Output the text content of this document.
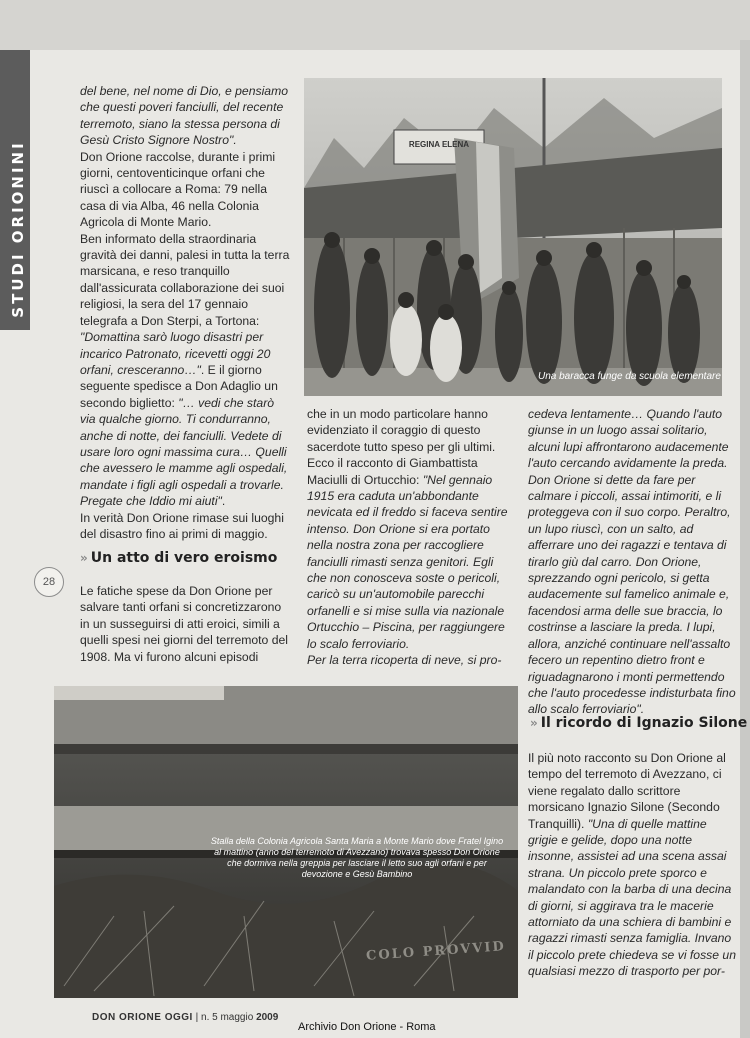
STUDI ORIONINI
28

del bene, nel nome di Dio, e pensiamo che questi poveri fanciulli, del recente terremoto, siano la stessa persona di Gesù Cristo Signore Nostro".

Don Orione raccolse, durante i primi giorni, centoventicinque orfani che riuscì a collocare a Roma: 79 nella casa di via Alba, 46 nella Colonia Agricola di Monte Mario.

Ben informato della straordinaria gravità dei danni, palesi in tutta la terra marsicana, e reso tranquillo dall'assicurata collaborazione dei suoi religiosi, la sera del 17 gennaio telegrafa a Don Sterpi, a Tortona: "Domattina sarò luogo disastri per incarico Patronato, ricevetti oggi 20 orfani, cresceranno…". E il giorno seguente spedisce a Don Adaglio un secondo biglietto: "… vedi che starò via qualche giorno. Ti condurranno, anche di notte, dei fanciulli. Vedete di usare loro ogni massima cura… Quelli che avessero le mamme agli ospedali, mandate i figli agli ospedali a trovarle. Pregate che Iddio mi aiuti".

In verità Don Orione rimase sui luoghi del disastro fino ai primi di maggio.

» Un atto di vero eroismo

Le fatiche spese da Don Orione per salvare tanti orfani si concretizzarono in un susseguirsi di atti eroici, simili a quelli spesi nei giorni del terremoto del 1908. Ma vi furono alcuni episodi

REGINA ELENA
Una baracca funge da scuola elementare

che in un modo particolare hanno evidenziato il coraggio di questo sacerdote tutto speso per gli ultimi. Ecco il racconto di Giambattista Maciulli di Ortucchio: "Nel gennaio 1915 era caduta un'abbondante nevicata ed il freddo si faceva sentire intenso. Don Orione si era portato nella nostra zona per raccogliere fanciulli rimasti senza genitori. Egli che non conosceva soste o pericoli, caricò su un'automobile parecchi orfanelli e si mise sulla via nazionale Ortucchio – Piscina, per raggiungere lo scalo ferroviario.

Per la terra ricoperta di neve, si pro-

cedeva lentamente… Quando l'auto giunse in un luogo assai solitario, alcuni lupi affrontarono audacemente l'auto cercando avidamente la preda. Don Orione si dette da fare per calmare i piccoli, assai intimoriti, e li proteggeva con il suo corpo. Peraltro, un lupo riuscì, con un salto, ad afferrare uno dei ragazzi e tentava di tirarlo giù dal carro. Don Orione, sprezzando ogni pericolo, si getta audacemente sul famelico animale e, facendosi arma delle sue braccia, lo costrinse a lasciare la preda. I lupi, allora, anziché continuare nell'assalto fecero un repentino dietro front e riguadagnarono i monti permettendo che l'auto procedesse indisturbata fino allo scalo ferroviario".

» Il ricordo di Ignazio Silone

Il più noto racconto su Don Orione al tempo del terremoto di Avezzano, ci viene regalato dallo scrittore morsicano Ignazio Silone (Secondo Tranquilli). "Una di quelle mattine grigie e gelide, dopo una notte insonne, assistei ad una scena assai strana. Un piccolo prete sporco e malandato con la barba di una decina di giorni, si aggirava tra le macerie attorniato da una schiera di bambini e ragazzi rimasti senza famiglia. Invano il piccolo prete chiedeva se vi fosse un qualsiasi mezzo di trasporto per por-

COLO PROVVID
Stalla della Colonia Agricola Santa Maria a Monte Mario dove Fratel Igino al mattino (anno del terremoto di Avezzano) trovava spesso Don Orione che dormiva nella greppia per lasciare il letto suo agli orfani e per devozione e Gesù Bambino
DON ORIONE OGGI | n. 5 maggio 2009
Archivio Don Orione - Roma
